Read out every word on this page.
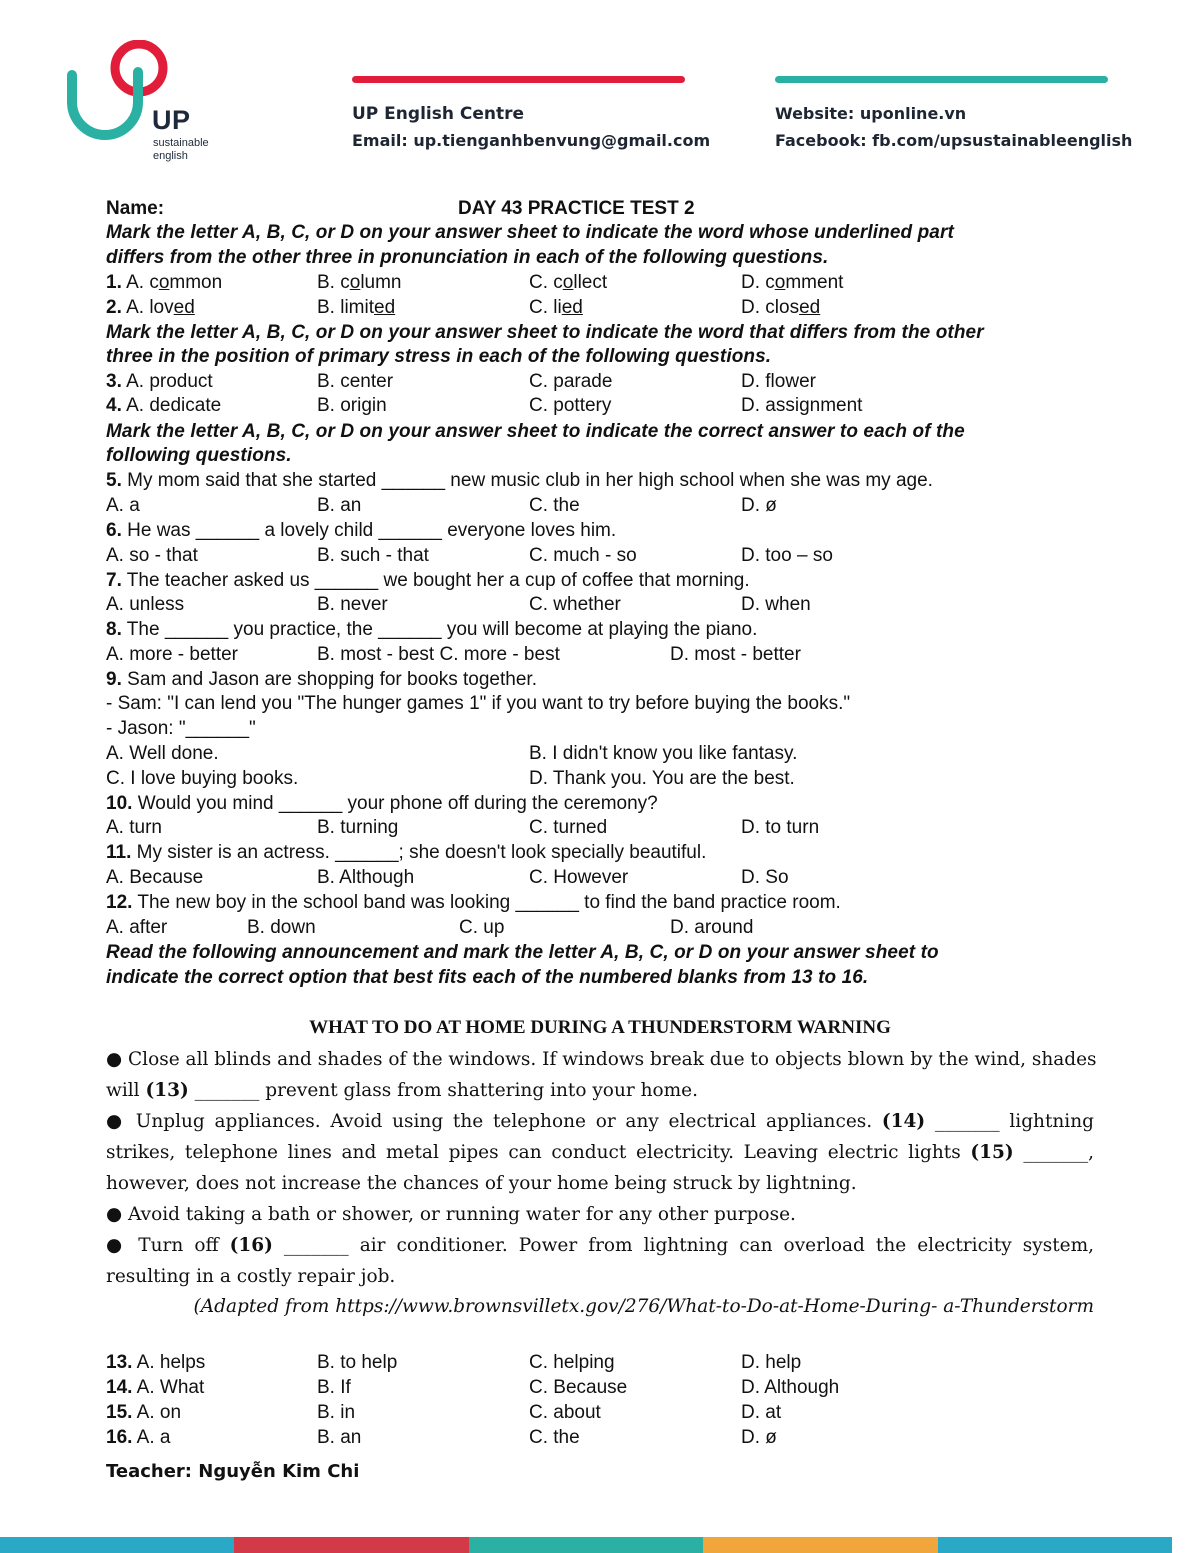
UP
sustainable
english
UP English Centre
Email: up.tienganhbenvung@gmail.com
Website: uponline.vn
Facebook: fb.com/upsustainableenglish
Name:	DAY 43 PRACTICE TEST 2
Mark the letter A, B, C, or D on your answer sheet to indicate the word whose underlined part
differs from the other three in pronunciation in each of the following questions.
1. A. common	B. column	C. collect	D. comment
2. A. loved	B. limited	C. lied	D. closed
Mark the letter A, B, C, or D on your answer sheet to indicate the word that differs from the other
three in the position of primary stress in each of the following questions.
3. A. product	B. center	C. parade	D. flower
4. A. dedicate	B. origin	C. pottery	D. assignment
Mark the letter A, B, C, or D on your answer sheet to indicate the correct answer to each of the
following questions.
5. My mom said that she started ______ new music club in her high school when she was my age.
A. a	B. an	C. the	D. ø
6. He was ______ a lovely child ______ everyone loves him.
A. so - that	B. such - that	C. much - so	D. too – so
7. The teacher asked us ______ we bought her a cup of coffee that morning.
A. unless	B. never	C. whether	D. when
8. The ______ you practice, the ______ you will become at playing the piano.
A. more - better	B. most - best C. more - best	D. most - better
9. Sam and Jason are shopping for books together.
- Sam: "I can lend you "The hunger games 1" if you want to try before buying the books."
- Jason: "______"
A. Well done.	B. I didn't know you like fantasy.
C. I love buying books.	D. Thank you. You are the best.
10. Would you mind ______ your phone off during the ceremony?
A. turn	B. turning	C. turned	D. to turn
11. My sister is an actress. ______; she doesn't look specially beautiful.
A. Because	B. Although	C. However	D. So
12. The new boy in the school band was looking ______ to find the band practice room.
A. after	B. down	C. up	D. around
Read the following announcement and mark the letter A, B, C, or D on your answer sheet to
indicate the correct option that best fits each of the numbered blanks from 13 to 16.
WHAT TO DO AT HOME DURING A THUNDERSTORM WARNING
● Close all blinds and shades of the windows. If windows break due to objects blown by the wind, shades
will (13) _______ prevent glass from shattering into your home.
● Unplug appliances. Avoid using the telephone or any electrical appliances. (14) _______ lightning
strikes, telephone lines and metal pipes can conduct electricity. Leaving electric lights (15) _______,
however, does not increase the chances of your home being struck by lightning.
● Avoid taking a bath or shower, or running water for any other purpose.
● Turn off (16) _______ air conditioner. Power from lightning can overload the electricity system,
resulting in a costly repair job.
(Adapted from https://www.brownsvilletx.gov/276/What-to-Do-at-Home-During- a-Thunderstorm
13. A. helps	B. to help	C. helping	D. help
14. A. What	B. If	C. Because	D. Although
15. A. on	B. in	C. about	D. at
16. A. a	B. an	C. the	D. ø
Teacher: Nguyễn Kim Chi
